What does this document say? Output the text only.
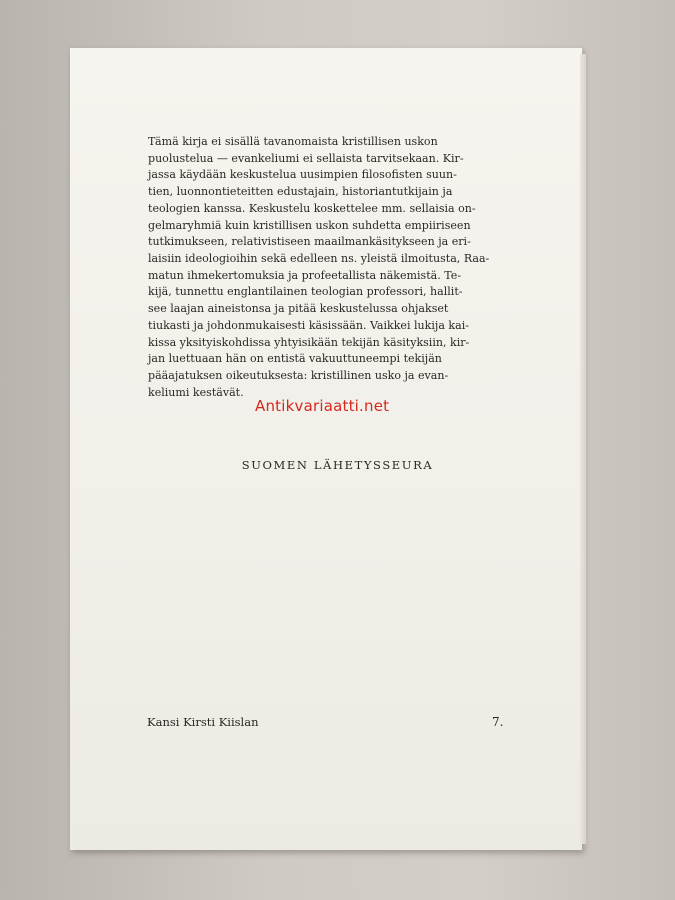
Tämä kirja ei sisällä tavanomaista kristillisen uskon
puolustelua — evankeliumi ei sellaista tarvitsekaan. Kir-
jassa käydään keskustelua uusimpien filosofisten suun-
tien, luonnontieteitten edustajain, historiantutkijain ja
teologien kanssa. Keskustelu koskettelee mm. sellaisia on-
gelmaryhmiä kuin kristillisen uskon suhdetta empiiriseen
tutkimukseen, relativistiseen maailmankäsitykseen ja eri-
laisiin ideologioihin sekä edelleen ns. yleistä ilmoitusta, Raa-
matun ihmekertomuksia ja profeetallista näkemistä. Te-
kijä, tunnettu englantilainen teologian professori, hallit-
see laajan aineistonsa ja pitää keskustelussa ohjakset
tiukasti ja johdonmukaisesti käsissään. Vaikkei lukija kai-
kissa yksityiskohdissa yhtyisikään tekijän käsityksiin, kir-
jan luettuaan hän on entistä vakuuttuneempi tekijän
pääajatuksen oikeutuksesta: kristillinen usko ja evan-
keliumi kestävät.
Antikvariaatti.net
SUOMEN LÄHETYSSEURA
Kansi Kirsti Kiislan	7.
